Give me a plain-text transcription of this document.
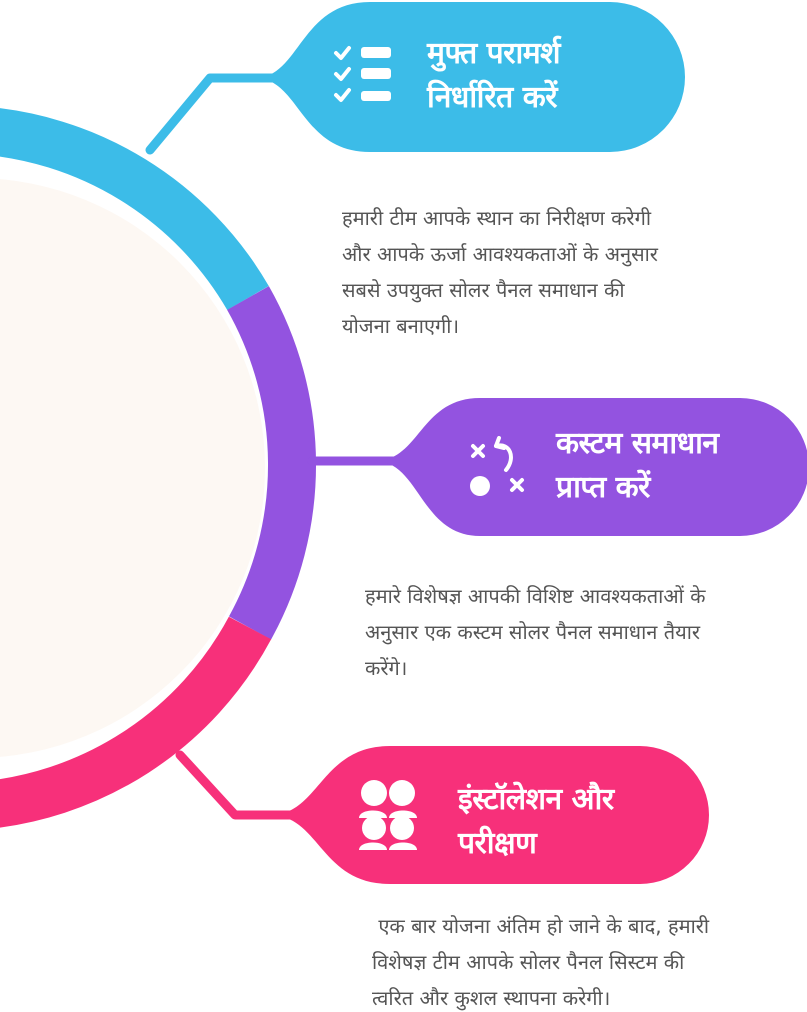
मुफ्त परामर्श
निर्धारित करें
हमारी टीम आपके स्थान का निरीक्षण करेगी
और आपके ऊर्जा आवश्यकताओं के अनुसार
सबसे उपयुक्त सोलर पैनल समाधान की
योजना बनाएगी।
कस्टम समाधान
प्राप्त करें
हमारे विशेषज्ञ आपकी विशिष्ट आवश्यकताओं के
अनुसार एक कस्टम सोलर पैनल समाधान तैयार
करेंगे।
इंस्टॉलेशन और
परीक्षण
एक बार योजना अंतिम हो जाने के बाद, हमारी
विशेषज्ञ टीम आपके सोलर पैनल सिस्टम की
त्वरित और कुशल स्थापना करेगी।
